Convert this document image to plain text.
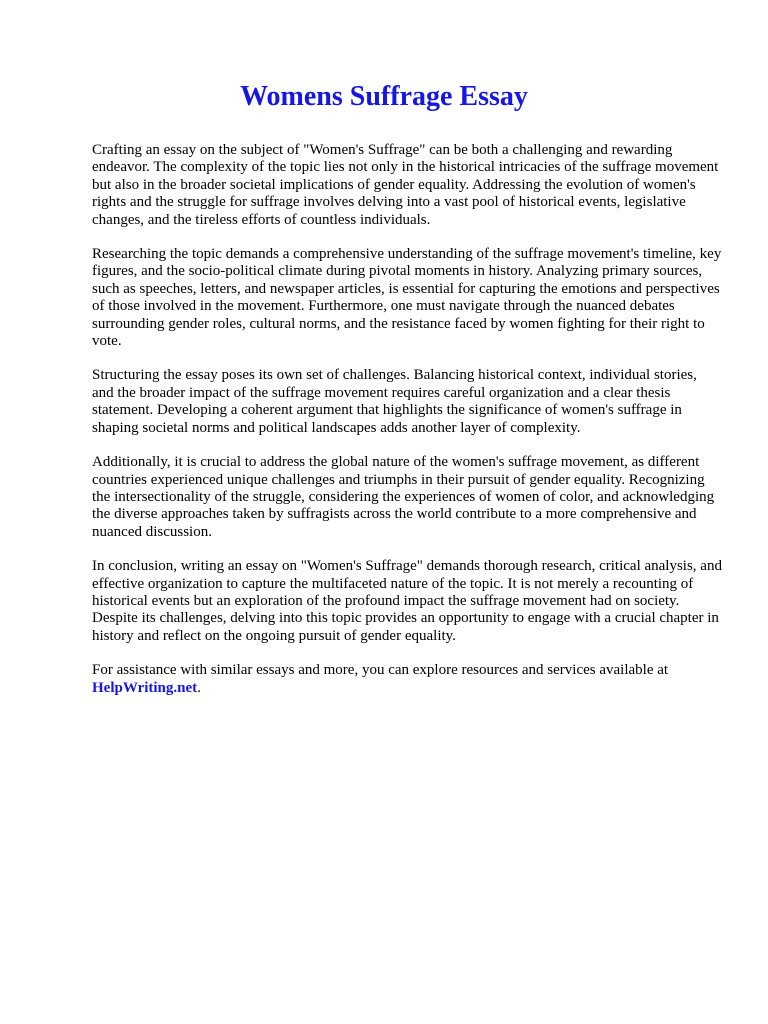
Womens Suffrage Essay

Crafting an essay on the subject of "Women's Suffrage" can be both a challenging and rewarding endeavor. The complexity of the topic lies not only in the historical intricacies of the suffrage movement but also in the broader societal implications of gender equality. Addressing the evolution of women's rights and the struggle for suffrage involves delving into a vast pool of historical events, legislative changes, and the tireless efforts of countless individuals.

Researching the topic demands a comprehensive understanding of the suffrage movement's timeline, key figures, and the socio-political climate during pivotal moments in history. Analyzing primary sources, such as speeches, letters, and newspaper articles, is essential for capturing the emotions and perspectives of those involved in the movement. Furthermore, one must navigate through the nuanced debates surrounding gender roles, cultural norms, and the resistance faced by women fighting for their right to vote.

Structuring the essay poses its own set of challenges. Balancing historical context, individual stories, and the broader impact of the suffrage movement requires careful organization and a clear thesis statement. Developing a coherent argument that highlights the significance of women's suffrage in shaping societal norms and political landscapes adds another layer of complexity.

Additionally, it is crucial to address the global nature of the women's suffrage movement, as different countries experienced unique challenges and triumphs in their pursuit of gender equality. Recognizing the intersectionality of the struggle, considering the experiences of women of color, and acknowledging the diverse approaches taken by suffragists across the world contribute to a more comprehensive and nuanced discussion.

In conclusion, writing an essay on "Women's Suffrage" demands thorough research, critical analysis, and effective organization to capture the multifaceted nature of the topic. It is not merely a recounting of historical events but an exploration of the profound impact the suffrage movement had on society. Despite its challenges, delving into this topic provides an opportunity to engage with a crucial chapter in history and reflect on the ongoing pursuit of gender equality.

For assistance with similar essays and more, you can explore resources and services available at
HelpWriting.net.
